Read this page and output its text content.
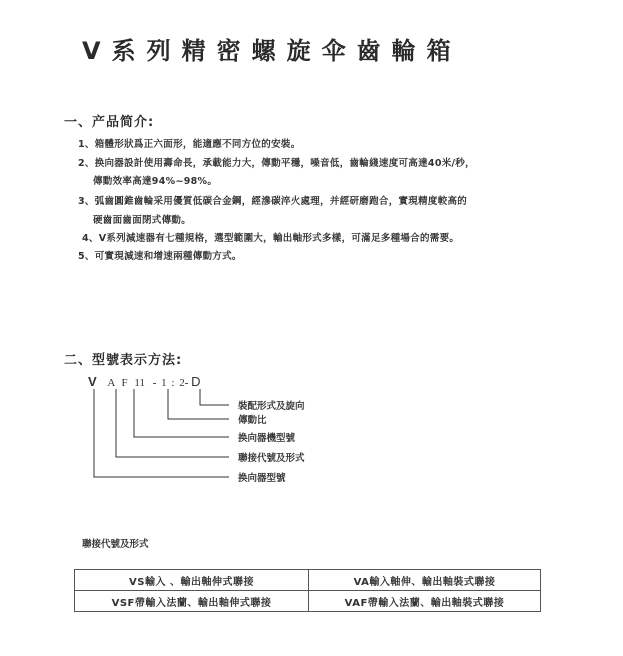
V系列精密螺旋伞齒輪箱
一、产品简介:
1、箱體形狀爲正六面形，能適應不同方位的安裝。
2、换向器設計使用壽命長，承載能力大，傳動平穩，噪音低，齒輪綫速度可高達40米/秒，
傳動效率高達94%~98%。
3、弧齒圓錐齒輪采用優質低碳合金鋼，經滲碳淬火處理，并經研磨跑合，實現精度較高的
硬齒面齒面閉式傳動。
4、V系列減速器有七種規格，選型範圍大，輸出軸形式多樣，可滿足多種場合的需要。
5、可實現減速和增速兩種傳動方式。
二、型號表示方法:
V A F 11 - 1 : 2- D
裝配形式及旋向
傳動比
换向器機型號
聯接代號及形式
换向器型號
聯接代號及形式
VS輸入 、輸出軸伸式聯接	VA輸入軸伸、輸出軸裝式聯接
VSF帶輸入法蘭、輸出軸伸式聯接	VAF帶輸入法蘭、輸出軸裝式聯接
